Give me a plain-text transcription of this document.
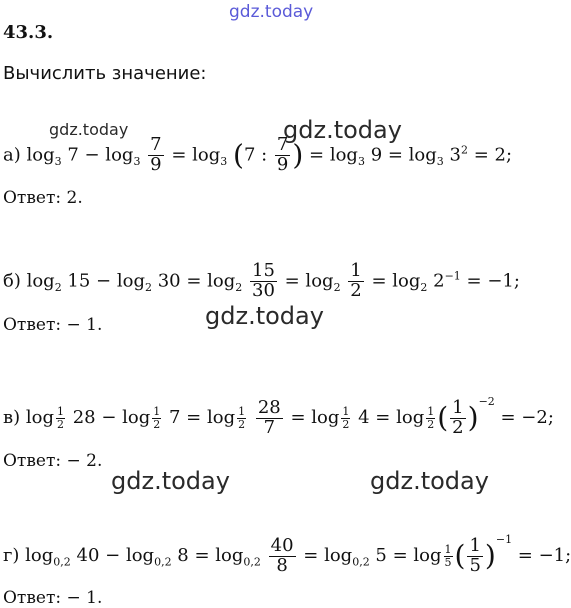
gdz.today
gdz.today	gdz.today
gdz.today
gdz.today	gdz.today
43.3.
Вычислить значение:
а) $\log_3 7 - \log_3 \frac{7}{9} = \log_3 (7$ : $\frac{7}{9}$ ) = $\log_3 9 = \log_3 3^2 = 2$;
Ответ: 2.
б) $\log_2 15 - \log_2 30 = \log_2 \frac{15}{30} = \log_2 \frac{1}{2} = \log_2 2^{-1} = -1$;
Ответ: − 1.
в) $\log \frac{1}{2} 28 - \log \frac{1}{2} 7 = \log \frac{1}{2}$
$\frac{28}{7} = \log \frac{1}{2} 4 = \log \frac{1}{2}$ ( $\frac{1}{2} )^{-2} = -2$;
Ответ: − 2.
г) $\log_{0,2} 40 - \log_{0,2} 8 = \log_{0,2} \frac{40}{8} = \log_{0,2} 5 = \log \frac{1}{5}$ ( $\frac{1}{5} )^{-1} = -1$;
Ответ: − 1.
